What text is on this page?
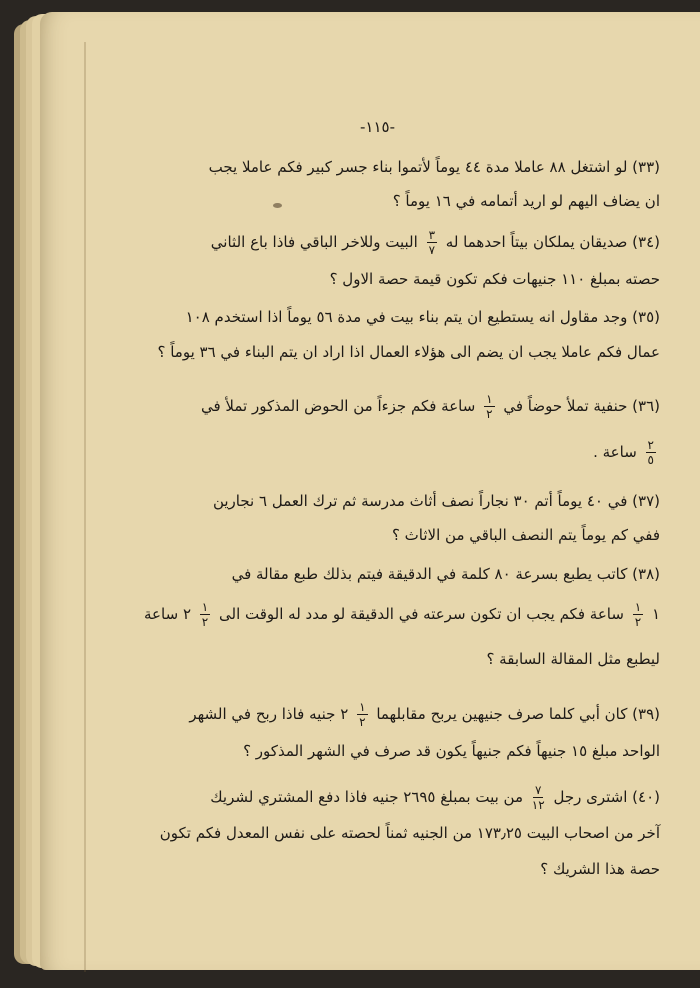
-١١٥-
(٣٣) لو اشتغل ٨٨ عاملا مدة ٤٤ يوماً لأتموا بناء جسر كبير فكم عاملا يجب
ان يضاف اليهم لو اريد أتمامه في ١٦ يوماً ؟
(٣٤) صديقان يملكان بيتاً احدهما له
$\frac{٣}{٧}$
البيت وللاخر الباقي فاذا باع الثاني
حصته بمبلغ ١١٠ جنيهات فكم تكون قيمة حصة الاول ؟
(٣٥) وجد مقاول انه يستطيع ان يتم بناء بيت في مدة ٥٦ يوماً اذا استخدم ١٠٨
عمال فكم عاملا يجب ان يضم الى هؤلاء العمال اذا اراد ان يتم البناء في ٣٦ يوماً ؟
(٣٦) حنفية تملأ حوضاً في
$\frac{١}{٢}$
ساعة فكم جزءاً من الحوض المذكور تملأ في
$\frac{٢}{٥}$
ساعة .
(٣٧) في ٤٠ يوماً أتم ٣٠ نجاراً نصف أثاث مدرسة ثم ترك العمل ٦ نجارين
ففي كم يوماً يتم النصف الباقي من الاثاث ؟
(٣٨) كاتب يطبع بسرعة ٨٠ كلمة في الدقيقة فيتم بذلك طبع مقالة في
١
$\frac{١}{٢}$
ساعة فكم يجب ان تكون سرعته في الدقيقة لو مدد له الوقت الى
$\frac{١}{٢}$
٢ ساعة
ليطبع مثل المقالة السابقة ؟
(٣٩) كان أبي كلما صرف جنيهين يربح مقابلهما
$\frac{١}{٢}$
٢ جنيه فاذا ربح في الشهر
الواحد مبلغ ١٥ جنيهاً فكم جنيهاً يكون قد صرف في الشهر المذكور ؟
(٤٠) اشترى رجل
$\frac{٧}{١٢}$
من بيت بمبلغ ٢٦٩٥ جنيه فاذا دفع المشتري لشريك
آخر من اصحاب البيت ١٧٣٫٢٥ من الجنيه ثمناً لحصته على نفس المعدل فكم تكون
حصة هذا الشريك ؟
